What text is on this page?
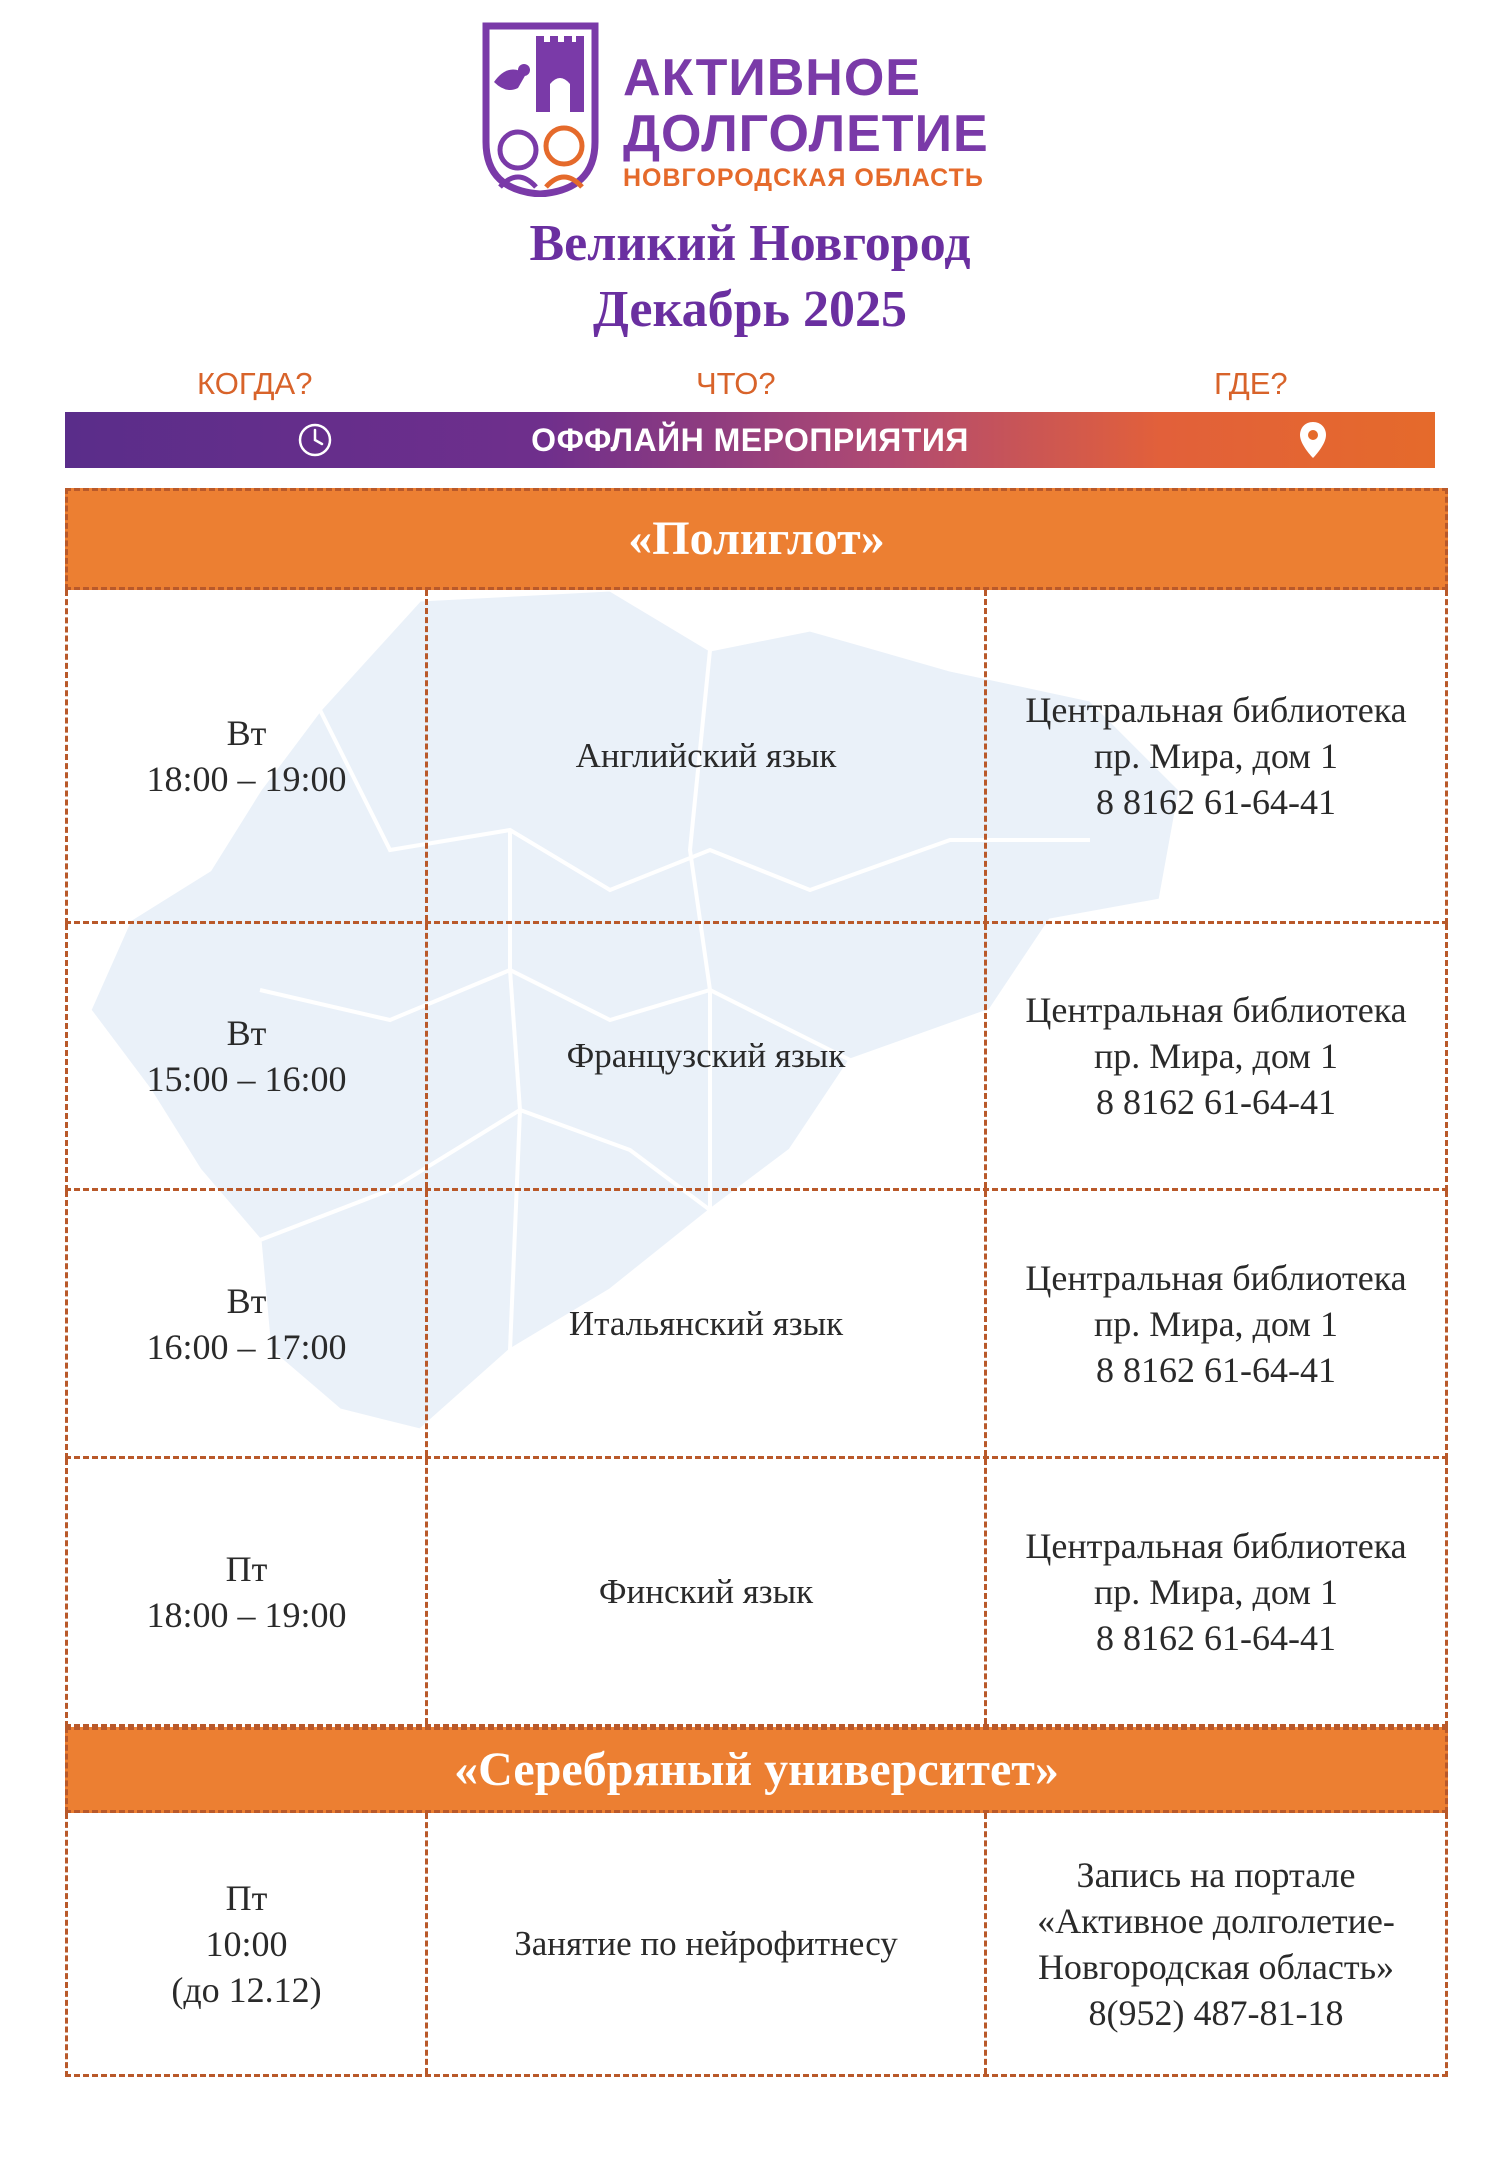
АКТИВНОЕ
ДОЛГОЛЕТИЕ
НОВГОРОДСКАЯ ОБЛАСТЬ
Великий Новгород
Декабрь 2025
КОГДА?	ЧТО?	ГДЕ?
ОФФЛАЙН МЕРОПРИЯТИЯ
«Полиглот»
Вт
18:00 – 19:00
Английский язык
Центральная библиотека
пр. Мира, дом 1
8 8162 61-64-41
Вт
15:00 – 16:00
Французский язык
Центральная библиотека
пр. Мира, дом 1
8 8162 61-64-41
Вт
16:00 – 17:00
Итальянский язык
Центральная библиотека
пр. Мира, дом 1
8 8162 61-64-41
Пт
18:00 – 19:00
Финский язык
Центральная библиотека
пр. Мира, дом 1
8 8162 61-64-41
«Серебряный университет»
Пт
10:00
(до 12.12)
Занятие по нейрофитнесу
Запись на портале
«Активное долголетие-
Новгородская область»
8(952) 487-81-18
